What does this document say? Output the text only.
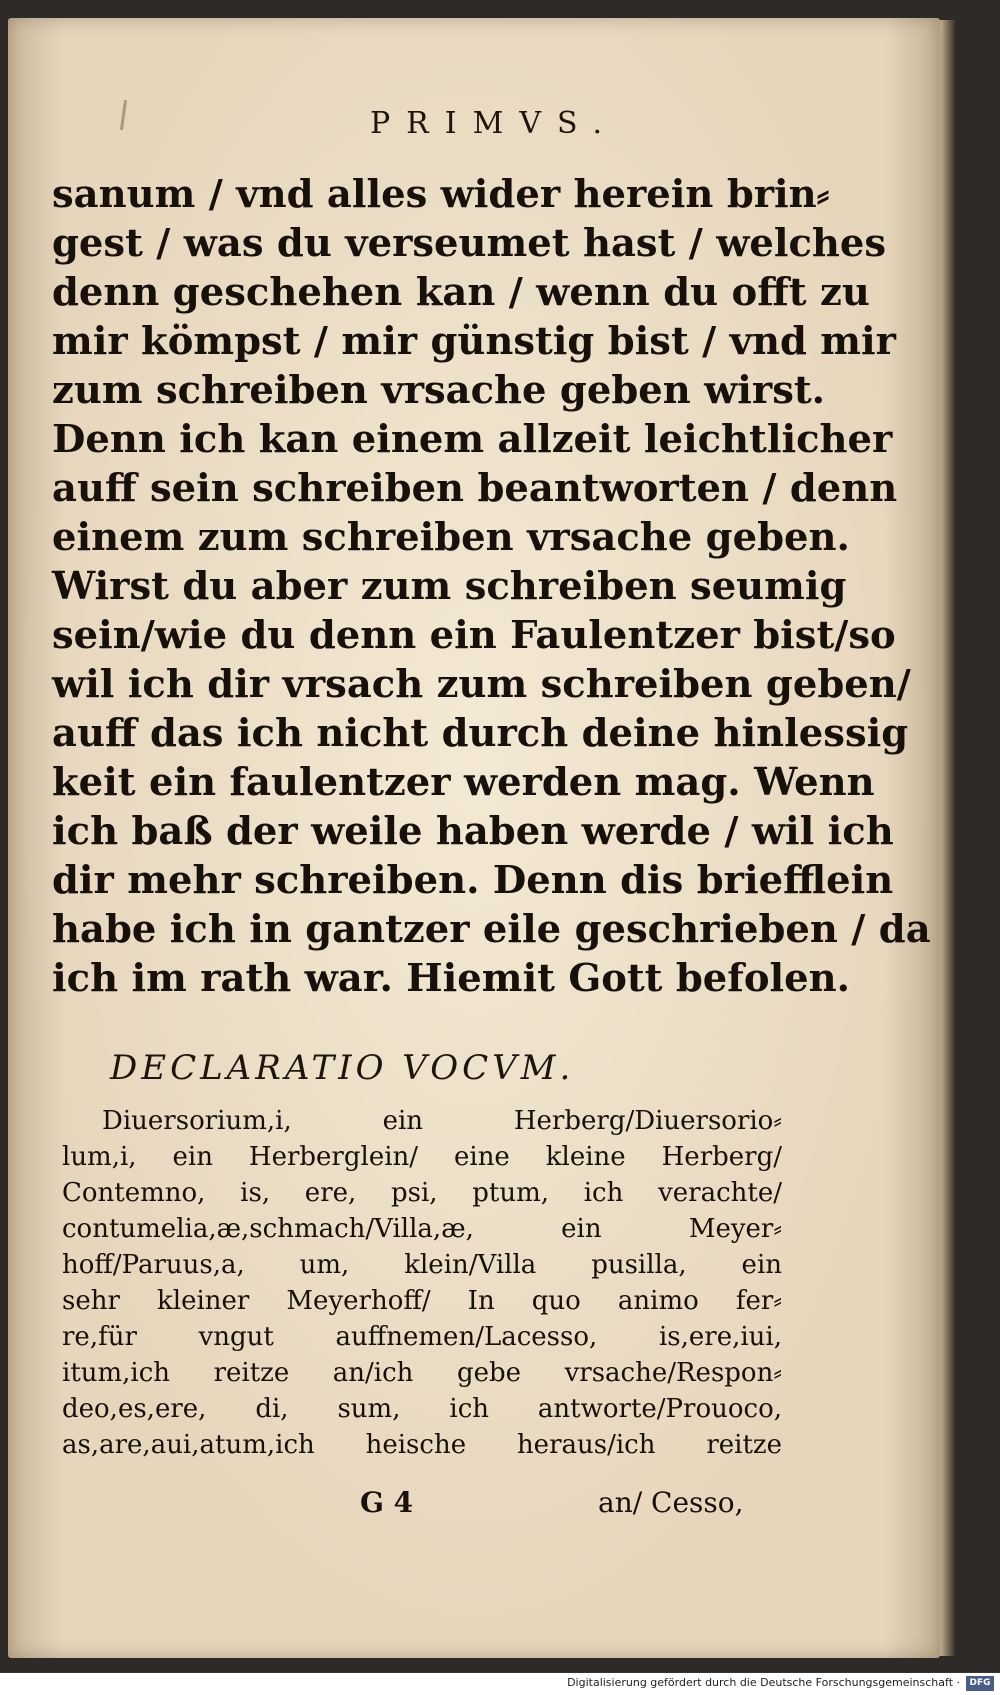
PRIMVS.
sanum / vnd alles wider herein brin⸗
gest / was du verseumet hast / welches
denn geschehen kan / wenn du offt zu
mir kömpst / mir günstig bist / vnd mir
zum schreiben vrsache geben wirst.
Denn ich kan einem allzeit leichtlicher
auff sein schreiben beantworten / denn
einem zum schreiben vrsache geben.
Wirst du aber zum schreiben seumig
sein/wie du denn ein Faulentzer bist/so
wil ich dir vrsach zum schreiben geben/
auff das ich nicht durch deine hinlessig
keit ein faulentzer werden mag. Wenn
ich baß der weile haben werde / wil ich
dir mehr schreiben. Denn dis briefflein
habe ich in gantzer eile geschrieben / da
ich im rath war. Hiemit Gott befolen.
DECLARATIO VOCVM.
Diuersorium,i, ein Herberg/Diuersorio⸗
lum,i, ein Herberglein/ eine kleine Herberg/
Contemno, is, ere, psi, ptum, ich verachte/
contumelia,æ,schmach/Villa,æ, ein Meyer⸗
hoff/Paruus,a, um, klein/Villa pusilla, ein
sehr kleiner Meyerhoff/ In quo animo fer⸗
re,für vngut auffnemen/Lacesso, is,ere,iui,
itum,ich reitze an/ich gebe vrsache/Respon⸗
deo,es,ere, di, sum, ich antworte/Prouoco,
as,are,aui,atum,ich heische heraus/ich reitze
G 4	an/ Cesso,
Digitalisierung gefördert durch die Deutsche Forschungsgemeinschaft ·	DFG
